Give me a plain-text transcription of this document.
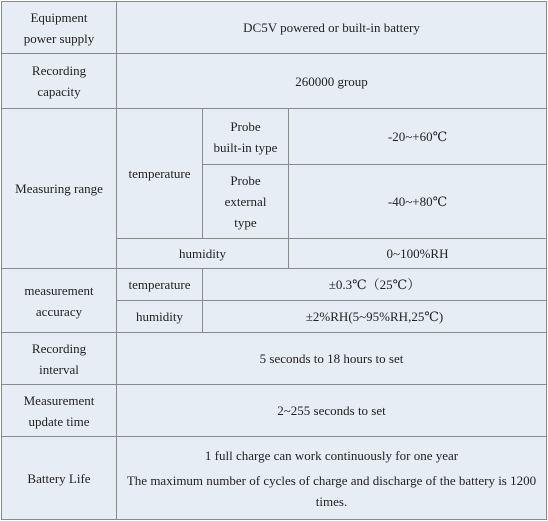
Equipment
power supply	DC5V powered or built-in battery		

Recording
capacity	260000 group		
Measuring range	temperature	Probe
built-in type	-20~+60℃

		Probe
external
type	-40~+80℃
	humidity		0~100%RH

measurement
accuracy	temperature	±0.3℃（25℃）	
	humidity	±2%RH(5~95%RH,25℃)	

Recording
interval	5 seconds to 18 hours to set		

Measurement
update time	2~255 seconds to set		
Battery Life	1 full charge can work continuously for one year
The maximum number of cycles of charge and discharge of the battery is 1200 times.		
